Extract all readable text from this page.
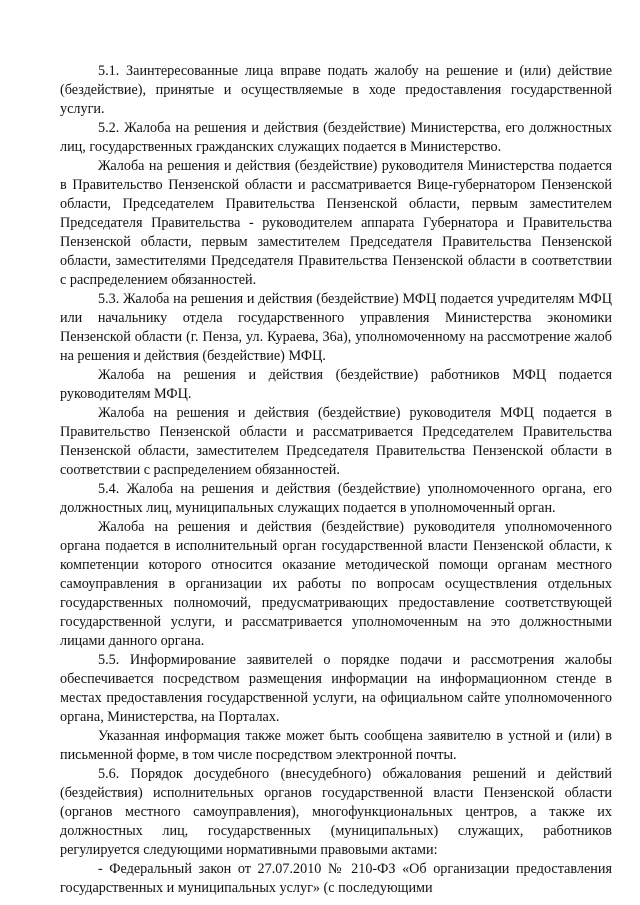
5.1. Заинтересованные лица вправе подать жалобу на решение и (или) действие (бездействие), принятые и осуществляемые в ходе предоставления государственной услуги.

5.2. Жалоба на решения и действия (бездействие) Министерства, его должностных лиц, государственных гражданских служащих подается в Министерство.

Жалоба на решения и действия (бездействие) руководителя Министерства подается в Правительство Пензенской области и рассматривается Вице-губернатором Пензенской области, Председателем Правительства Пензенской области, первым заместителем Председателя Правительства - руководителем аппарата Губернатора и Правительства Пензенской области, первым заместителем Председателя Правительства Пензенской области, заместителями Председателя Правительства Пензенской области в соответствии с распределением обязанностей.

5.3. Жалоба на решения и действия (бездействие) МФЦ подается учредителям МФЦ или начальнику отдела государственного управления Министерства экономики Пензенской области (г. Пенза, ул. Кураева, 36а), уполномоченному на рассмотрение жалоб на решения и действия (бездействие) МФЦ.

Жалоба на решения и действия (бездействие) работников МФЦ подается руководителям МФЦ.

Жалоба на решения и действия (бездействие) руководителя МФЦ подается в Правительство Пензенской области и рассматривается Председателем Правительства Пензенской области, заместителем Председателя Правительства Пензенской области в соответствии с распределением обязанностей.

5.4. Жалоба на решения и действия (бездействие) уполномоченного органа, его должностных лиц, муниципальных служащих подается в уполномоченный орган.

Жалоба на решения и действия (бездействие) руководителя уполномоченного органа подается в исполнительный орган государственной власти Пензенской области, к компетенции которого относится оказание методической помощи органам местного самоуправления в организации их работы по вопросам осуществления отдельных государственных полномочий, предусматривающих предоставление соответствующей государственной услуги, и рассматривается уполномоченным на это должностными лицами данного органа.

5.5. Информирование заявителей о порядке подачи и рассмотрения жалобы обеспечивается посредством размещения информации на информационном стенде в местах предоставления государственной услуги, на официальном сайте уполномоченного органа, Министерства, на Порталах.

Указанная информация также может быть сообщена заявителю в устной и (или) в письменной форме, в том числе посредством электронной почты.

5.6. Порядок досудебного (внесудебного) обжалования решений и действий (бездействия) исполнительных органов государственной власти Пензенской области (органов местного самоуправления), многофункциональных центров, а также их должностных лиц, государственных (муниципальных) служащих, работников регулируется следующими нормативными правовыми актами:

- Федеральный закон от 27.07.2010 № 210-ФЗ «Об организации предоставления государственных и муниципальных услуг» (с последующими
